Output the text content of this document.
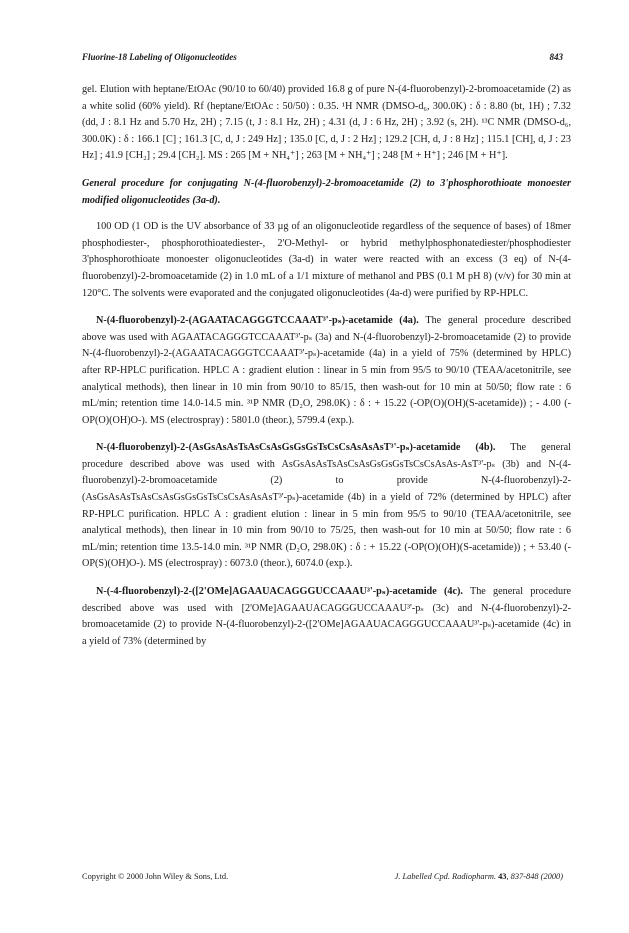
Fluorine-18 Labeling of Oligonucleotides	843

gel. Elution with heptane/EtOAc (90/10 to 60/40) provided 16.8 g of pure N-(4-fluorobenzyl)-2-bromoacetamide (2) as a white solid (60% yield). Rf (heptane/EtOAc : 50/50) : 0.35. ¹H NMR (DMSO-d₆, 300.0K) : δ : 8.80 (bt, 1H) ; 7.32 (dd, J : 8.1 Hz and 5.70 Hz, 2H) ; 7.15 (t, J : 8.1 Hz, 2H) ; 4.31 (d, J : 6 Hz, 2H) ; 3.92 (s, 2H). ¹³C NMR (DMSO-d₆, 300.0K) : δ : 166.1 [C] ; 161.3 [C, d, J : 249 Hz] ; 135.0 [C, d, J : 2 Hz] ; 129.2 [CH, d, J : 8 Hz] ; 115.1 [CH], d, J : 23 Hz] ; 41.9 [CH₂] ; 29.4 [CH₂]. MS : 265 [M + NH₄⁺] ; 263 [M + NH₄⁺] ; 248 [M + H⁺] ; 246 [M + H⁺].

General procedure for conjugating N-(4-fluorobenzyl)-2-bromoacetamide (2) to 3'phosphorothioate monoester modified oligonucleotides (3a-d).

100 OD (1 OD is the UV absorbance of 33 µg of an oligonucleotide regardless of the sequence of bases) of 18mer phosphodiester-, phosphorothioatediester-, 2'O-Methyl- or hybrid methylphosphonatediester/phosphodiester 3'phosphorothioate monoester oligonucleotides (3a-d) in water were reacted with an excess (3 eq) of N-(4-fluorobenzyl)-2-bromoacetamide (2) in 1.0 mL of a 1/1 mixture of methanol and PBS (0.1 M pH 8) (v/v) for 30 min at 120°C. The solvents were evaporated and the conjugated oligonucleotides (4a-d) were purified by RP-HPLC.

N-(4-fluorobenzyl)-2-(AGAATACAGGGTCCAAAT³'-pₛ)-acetamide (4a). The general procedure described above was used with AGAATACAGGGTCCAAAT³'-pₛ (3a) and N-(4-fluorobenzyl)-2-bromoacetamide (2) to provide N-(4-fluorobenzyl)-2-(AGAATACAGGGTCCAAAT³'-pₛ)-acetamide (4a) in a yield of 75% (determined by HPLC) after RP-HPLC purification. HPLC A : gradient elution : linear in 5 min from 95/5 to 90/10 (TEAA/acetonitrile, see analytical methods), then linear in 10 min from 90/10 to 85/15, then wash-out for 10 min at 50/50; flow rate : 6 mL/min; retention time 14.0-14.5 min. ³¹P NMR (D₂O, 298.0K) : δ : + 15.22 (-OP(O)(OH)(S-acetamide)) ; - 4.00 (-OP(O)(OH)O-). MS (electrospray) : 5801.0 (theor.), 5799.4 (exp.).

N-(4-fluorobenzyl)-2-(AsGsAsAsTsAsCsAsGsGsGsTsCsCsAsAsAsT³'-pₛ)-acetamide (4b). The general procedure described above was used with AsGsAsAsTsAsCsAsGsGsGsTsCsCsAsAs-AsT³'-pₛ (3b) and N-(4-fluorobenzyl)-2-bromoacetamide (2) to provide N-(4-fluorobenzyl)-2-(AsGsAsAsTsAsCsAsGsGsGsTsCsCsAsAsAsT³'-pₛ)-acetamide (4b) in a yield of 72% (determined by HPLC) after RP-HPLC purification. HPLC A : gradient elution : linear in 5 min from 95/5 to 90/10 (TEAA/acetonitrile, see analytical methods), then linear in 10 min from 90/10 to 75/25, then wash-out for 10 min at 50/50; flow rate : 6 mL/min; retention time 13.5-14.0 min. ³¹P NMR (D₂O, 298.0K) : δ : + 15.22 (-OP(O)(OH)(S-acetamide)) ; + 53.40 (-OP(S)(OH)O-). MS (electrospray) : 6073.0 (theor.), 6074.0 (exp.).

N-(-4-fluorobenzyl)-2-([2'OMe]AGAAUACAGGGUCCAAAU³'-pₛ)-acetamide (4c). The general procedure described above was used with [2'OMe]AGAAUACAGGGUCCAAAU³'-pₛ (3c) and N-(4-fluorobenzyl)-2-bromoacetamide (2) to provide N-(4-fluorobenzyl)-2-([2'OMe]AGAAUACAGGGUCCAAAU³'-pₛ)-acetamide (4c) in a yield of 73% (determined by

Copyright © 2000 John Wiley & Sons, Ltd.	J. Labelled Cpd. Radiopharm. 43, 837-848 (2000)
